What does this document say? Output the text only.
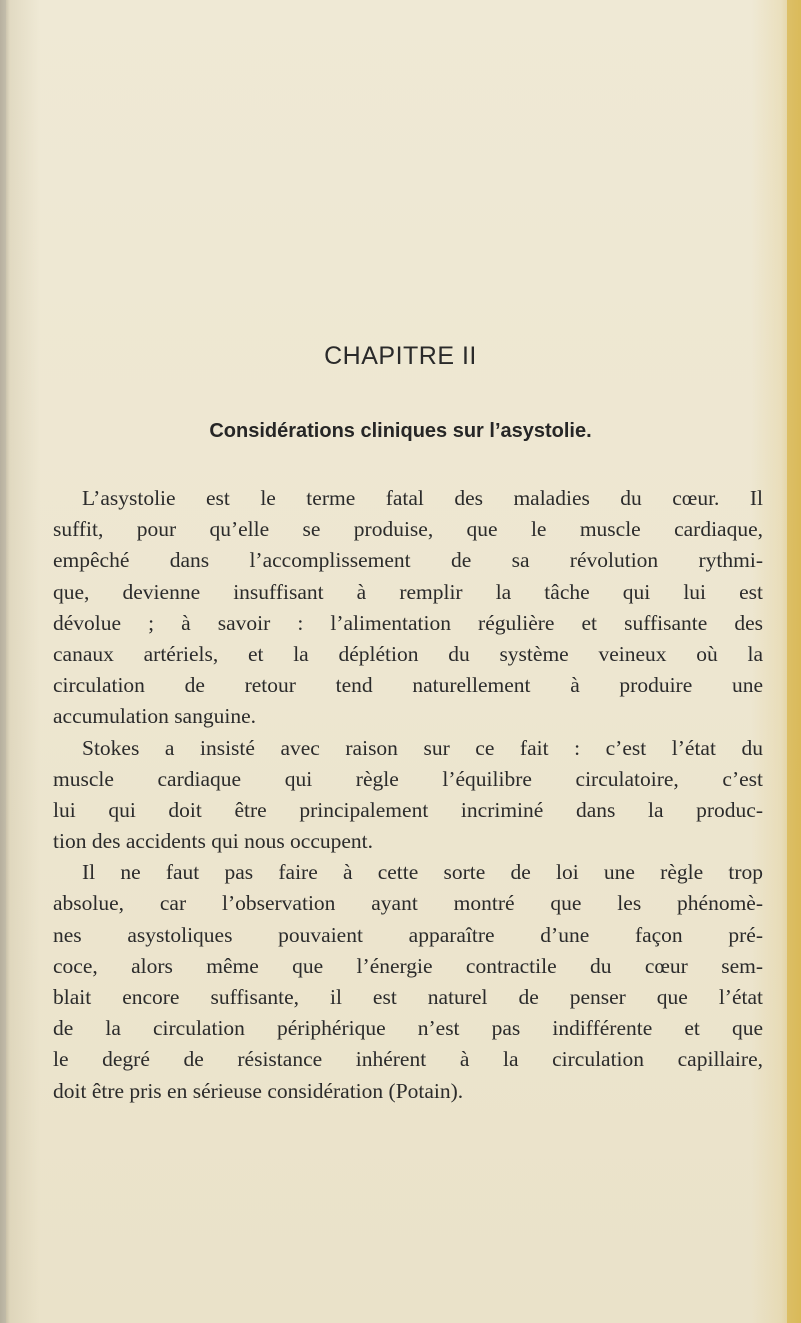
CHAPITRE II
Considérations cliniques sur l’asystolie.
L’asystolie est le terme fatal des maladies du cœur. Il
suffit, pour qu’elle se produise, que le muscle cardiaque,
empêché dans l’accomplissement de sa révolution rythmi-
que, devienne insuffisant à remplir la tâche qui lui est
dévolue ; à savoir : l’alimentation régulière et suffisante des
canaux artériels, et la déplétion du système veineux où la
circulation de retour tend naturellement à produire une
accumulation sanguine.
Stokes a insisté avec raison sur ce fait : c’est l’état du
muscle cardiaque qui règle l’équilibre circulatoire, c’est
lui qui doit être principalement incriminé dans la produc-
tion des accidents qui nous occupent.
Il ne faut pas faire à cette sorte de loi une règle trop
absolue, car l’observation ayant montré que les phénomè-
nes asystoliques pouvaient apparaître d’une façon pré-
coce, alors même que l’énergie contractile du cœur sem-
blait encore suffisante, il est naturel de penser que l’état
de la circulation périphérique n’est pas indifférente et que
le degré de résistance inhérent à la circulation capillaire,
doit être pris en sérieuse considération (Potain).
